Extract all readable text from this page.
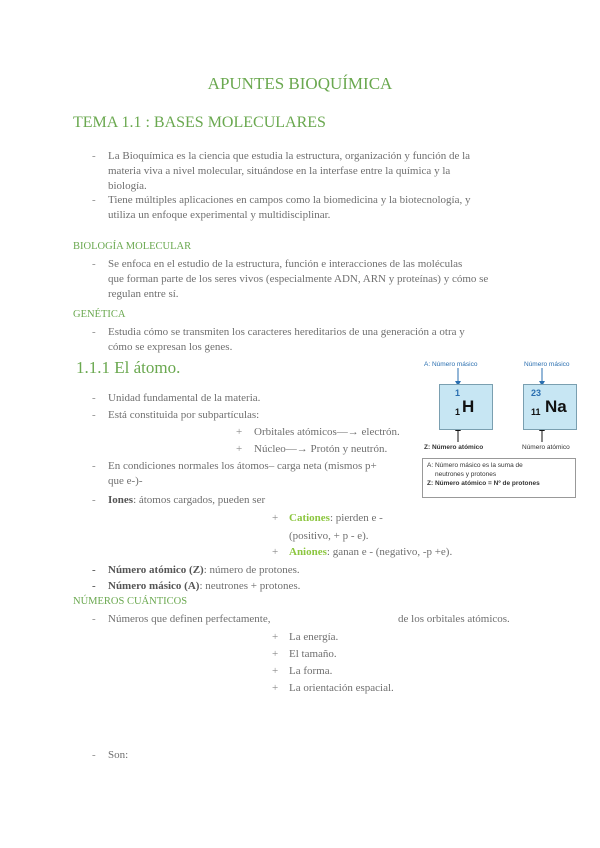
APUNTES BIOQUÍMICA
TEMA 1.1 : BASES MOLECULARES
- La Bioquímica es la ciencia que estudia la estructura, organización y función de la
materia viva a nivel molecular, situándose en la interfase entre la química y la
biología.
- Tiene múltiples aplicaciones en campos como la biomedicina y la biotecnología, y
utiliza un enfoque experimental y multidisciplinar.
BIOLOGÍA MOLECULAR
- Se enfoca en el estudio de la estructura, función e interacciones de las moléculas
que forman parte de los seres vivos (especialmente ADN, ARN y proteínas) y cómo se
regulan entre sí.
GENÉTICA
- Estudia cómo se transmiten los caracteres hereditarios de una generación a otra y
cómo se expresan los genes.
1.1.1 El átomo.
- Unidad fundamental de la materia.
- Está constituida por subpartículas:
+ Orbitales atómicos—→ electrón.
+ Núcleo—→ Protón y neutrón.
- En condiciones normales los átomos– carga neta (mismos p+
que e-)-
- Iones: átomos cargados, pueden ser
+ Cationes: pierden e -
(positivo, + p - e).
+ Aniones: ganan e - (negativo, -p +e).
- Número atómico (Z): número de protones.
- Número másico (A): neutrones + protones.
A: Número másico	Número másico
1
1 H
23
11 Na
Z: Número atómico	Número atómico
A: Número másico es la suma de
neutrones y protones
Z: Número atómico = Nº de protones
NÚMEROS CUÁNTICOS
- Números que definen perfectamente,	de los orbitales atómicos.
+ La energía.
+ El tamaño.
+ La forma.
+ La orientación espacial.
- Son:
